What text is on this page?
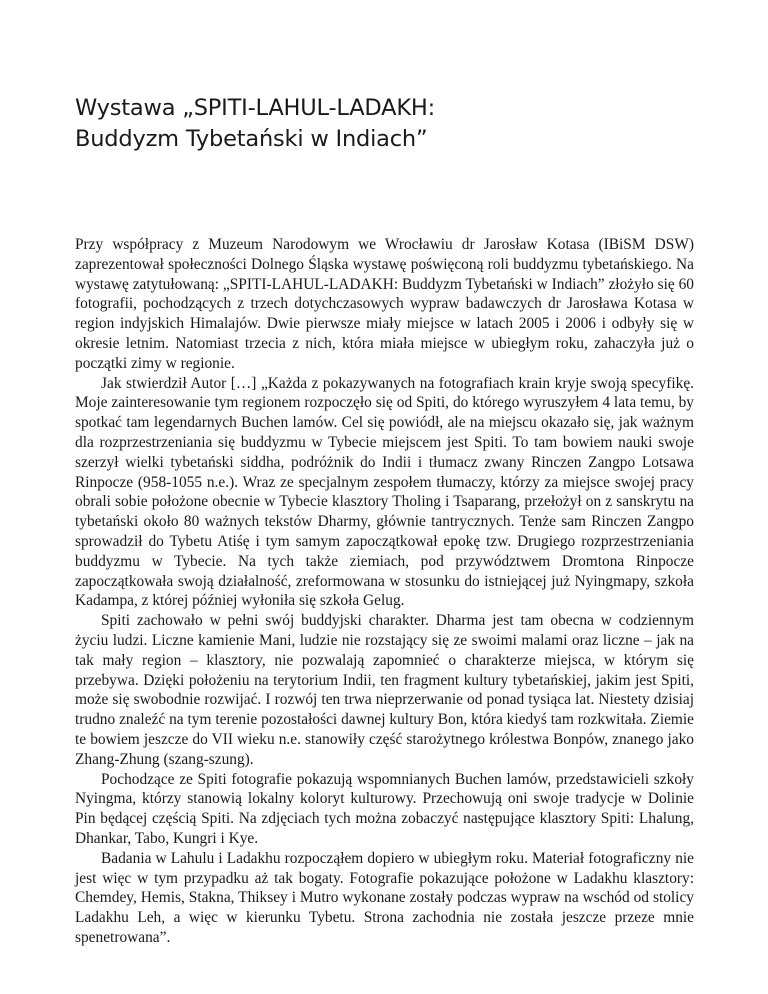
Wystawa „SPITI-LAHUL-LADAKH:
Buddyzm Tybetański w Indiach”

Przy współpracy z Muzeum Narodowym we Wrocławiu dr Jarosław Kotasa (IBiSM DSW) zaprezentował społeczności Dolnego Śląska wystawę poświęconą roli buddyzmu tybetańskiego. Na wystawę zatytułowaną: „SPITI-LAHUL-LADAKH: Buddyzm Tybetański w Indiach” złożyło się 60 fotografii, pochodzących z trzech dotychczasowych wypraw badawczych dr Jarosława Kotasa w region indyjskich Himalajów. Dwie pierwsze miały miejsce w latach 2005 i 2006 i odbyły się w okresie letnim. Natomiast trzecia z nich, która miała miejsce w ubiegłym roku, zahaczyła już o początki zimy w regionie.

Jak stwierdził Autor […] „Każda z pokazywanych na fotografiach krain kryje swoją specyfikę. Moje zainteresowanie tym regionem rozpoczęło się od Spiti, do którego wyruszyłem 4 lata temu, by spotkać tam legendarnych Buchen lamów. Cel się powiódł, ale na miejscu okazało się, jak ważnym dla rozprzestrzeniania się buddyzmu w Tybecie miejscem jest Spiti. To tam bowiem nauki swoje szerzył wielki tybetański siddha, podróżnik do Indii i tłumacz zwany Rinczen Zangpo Lotsawa Rinpocze (958-1055 n.e.). Wraz ze specjalnym zespołem tłumaczy, którzy za miejsce swojej pracy obrali sobie położone obecnie w Tybecie klasztory Tholing i Tsaparang, przełożył on z sanskrytu na tybetański około 80 ważnych tekstów Dharmy, głównie tantrycznych. Tenże sam Rinczen Zangpo sprowadził do Tybetu Atiśę i tym samym zapoczątkował epokę tzw. Drugiego rozprzestrzeniania buddyzmu w Tybecie. Na tych także ziemiach, pod przywództwem Dromtona Rinpocze zapoczątkowała swoją działalność, zreformowana w stosunku do istniejącej już Nyingmapy, szkoła Kadampa, z której później wyłoniła się szkoła Gelug.

Spiti zachowało w pełni swój buddyjski charakter. Dharma jest tam obecna w codziennym życiu ludzi. Liczne kamienie Mani, ludzie nie rozstający się ze swoimi malami oraz liczne – jak na tak mały region – klasztory, nie pozwalają zapomnieć o charakterze miejsca, w którym się przebywa. Dzięki położeniu na terytorium Indii, ten fragment kultury tybetańskiej, jakim jest Spiti, może się swobodnie rozwijać. I rozwój ten trwa nieprzerwanie od ponad tysiąca lat. Niestety dzisiaj trudno znaleźć na tym terenie pozostałości dawnej kultury Bon, która kiedyś tam rozkwitała. Ziemie te bowiem jeszcze do VII wieku n.e. stanowiły część starożytnego królestwa Bonpów, znanego jako Zhang-Zhung (szang-szung).

Pochodzące ze Spiti fotografie pokazują wspomnianych Buchen lamów, przedstawicieli szkoły Nyingma, którzy stanowią lokalny koloryt kulturowy. Przechowują oni swoje tradycje w Dolinie Pin będącej częścią Spiti. Na zdjęciach tych można zobaczyć następujące klasztory Spiti: Lhalung, Dhankar, Tabo, Kungri i Kye.

Badania w Lahulu i Ladakhu rozpocząłem dopiero w ubiegłym roku. Materiał fotograficzny nie jest więc w tym przypadku aż tak bogaty. Fotografie pokazujące położone w Ladakhu klasztory: Chemdey, Hemis, Stakna, Thiksey i Mutro wykonane zostały podczas wypraw na wschód od stolicy Ladakhu Leh, a więc w kierunku Tybetu. Strona zachodnia nie została jeszcze przeze mnie spenetrowana”.
